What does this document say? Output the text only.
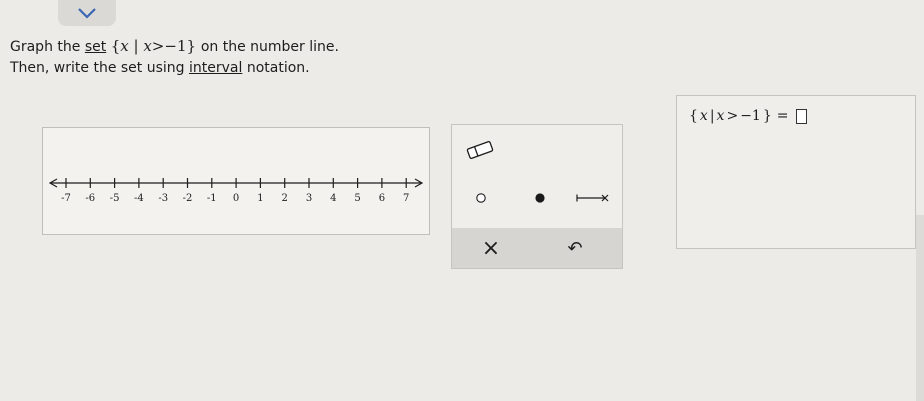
Graph the set {x | x>−1} on the number line.
Then, write the set using interval notation.
-7 -6 -5 -4 -3 -2 -1 0 1 2 3 4 5 6 7
×	↶
{ x | x > −1 } =
